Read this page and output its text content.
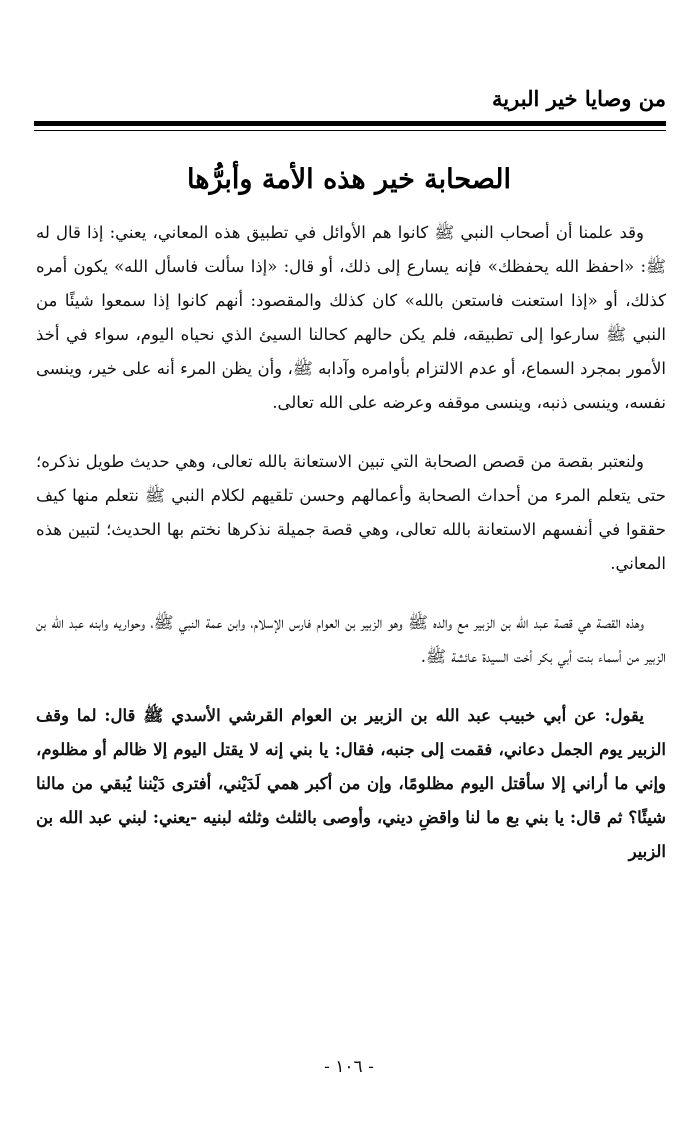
من وصايا خير البرية
الصحابة خير هذه الأمة وأبرُّها

وقد علمنا أن أصحاب النبي ﷺ كانوا هم الأوائل في تطبيق هذه المعاني، يعني: إذا قال له ﷺ: «احفظ الله يحفظك» فإنه يسارع إلى ذلك، أو قال: «إذا سألت فاسأل الله» يكون أمره كذلك، أو «إذا استعنت فاستعن بالله» كان كذلك والمقصود: أنهم كانوا إذا سمعوا شيئًا من النبي ﷺ سارعوا إلى تطبيقه، فلم يكن حالهم كحالنا السيئ الذي نحياه اليوم، سواء في أخذ الأمور بمجرد السماع، أو عدم الالتزام بأوامره وآدابه ﷺ، وأن يظن المرء أنه على خير، وينسى نفسه، وينسى ذنبه، وينسى موقفه وعرضه على الله تعالى.

ولنعتبر بقصة من قصص الصحابة التي تبين الاستعانة بالله تعالى، وهي حديث طويل نذكره؛ حتى يتعلم المرء من أحداث الصحابة وأعمالهم وحسن تلقيهم لكلام النبي ﷺ نتعلم منها كيف حققوا في أنفسهم الاستعانة بالله تعالى، وهي قصة جميلة نذكرها نختم بها الحديث؛ لتبين هذه المعاني.

وهذه القصة هي قصة عبد الله بن الزبير مع والده ﷺ وهو الزبير بن العوام فارس الإسلام، وابن عمة النبي ﷺ، وحواريه وابنه عبد الله بن الزبير من أسماء بنت أبي بكر أخت السيدة عائشة ﷺ.

يقول: عن أبي خبيب عبد الله بن الزبير بن العوام القرشي الأسدي ﷺ قال: لما وقف الزبير يوم الجمل دعاني، فقمت إلى جنبه، فقال: يا بني إنه لا يقتل اليوم إلا ظالم أو مظلوم، وإني ما أراني إلا سأقتل اليوم مظلومًا، وإن من أكبر همي لَدَيْني، أفترى دَيْننا يُبقي من مالنا شيئًا؟ ثم قال: يا بني بع ما لنا واقضِ ديني، وأوصى بالثلث وثلثه لبنيه -يعني: لبني عبد الله بن الزبير

- ١٠٦ -
